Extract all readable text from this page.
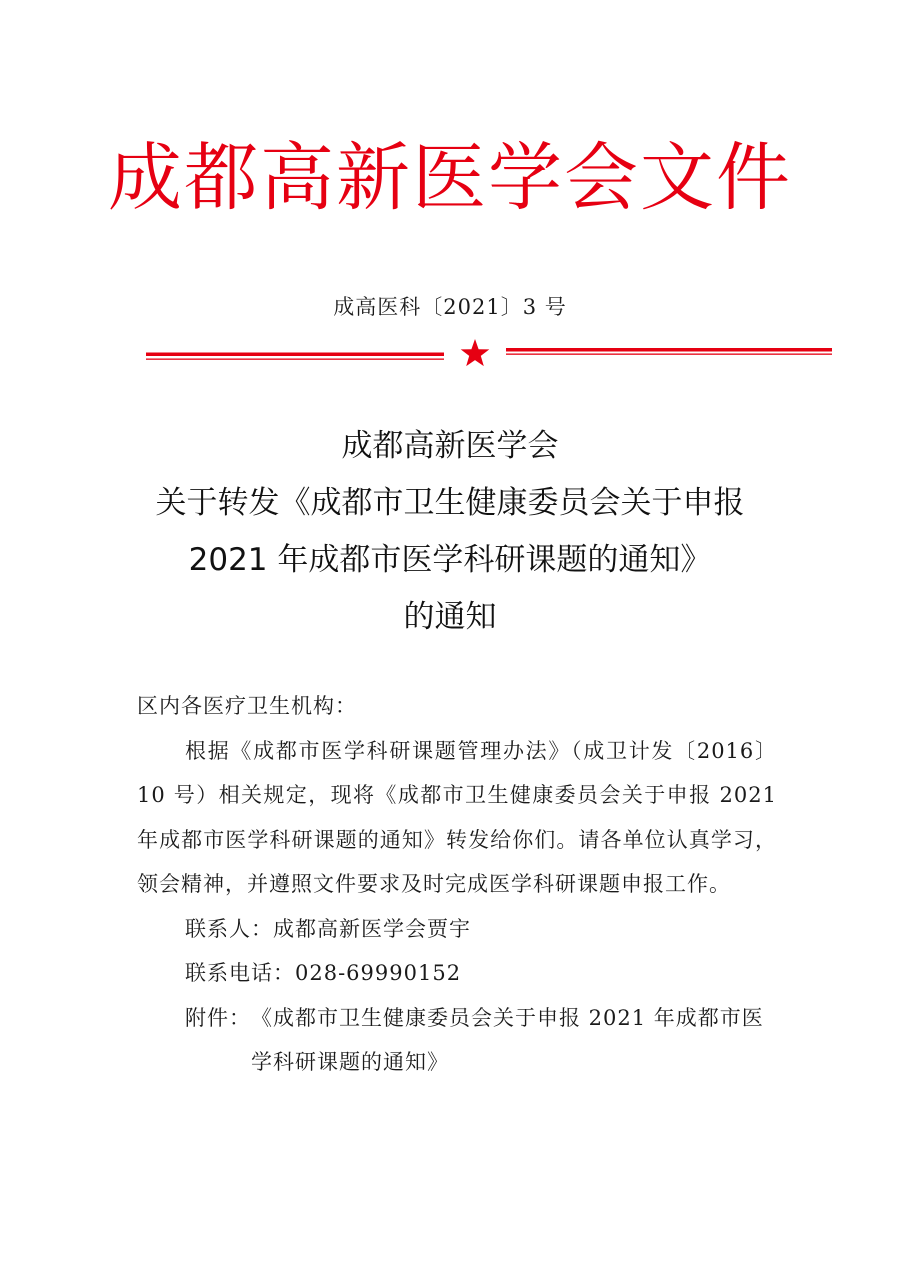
成都高新医学会文件
成高医科〔2021〕3 号
成都高新医学会
关于转发《成都市卫生健康委员会关于申报
2021 年成都市医学科研课题的通知》
的通知
区内各医疗卫生机构：

根据《成都市医学科研课题管理办法》（成卫计发〔2016〕10 号）相关规定，现将《成都市卫生健康委员会关于申报 2021 年成都市医学科研课题的通知》转发给你们。请各单位认真学习，领会精神，并遵照文件要求及时完成医学科研课题申报工作。

联系人：成都高新医学会贾宇
联系电话：028-69990152
附件： 《成都市卫生健康委员会关于申报 2021 年成都市医学科研课题的通知》
